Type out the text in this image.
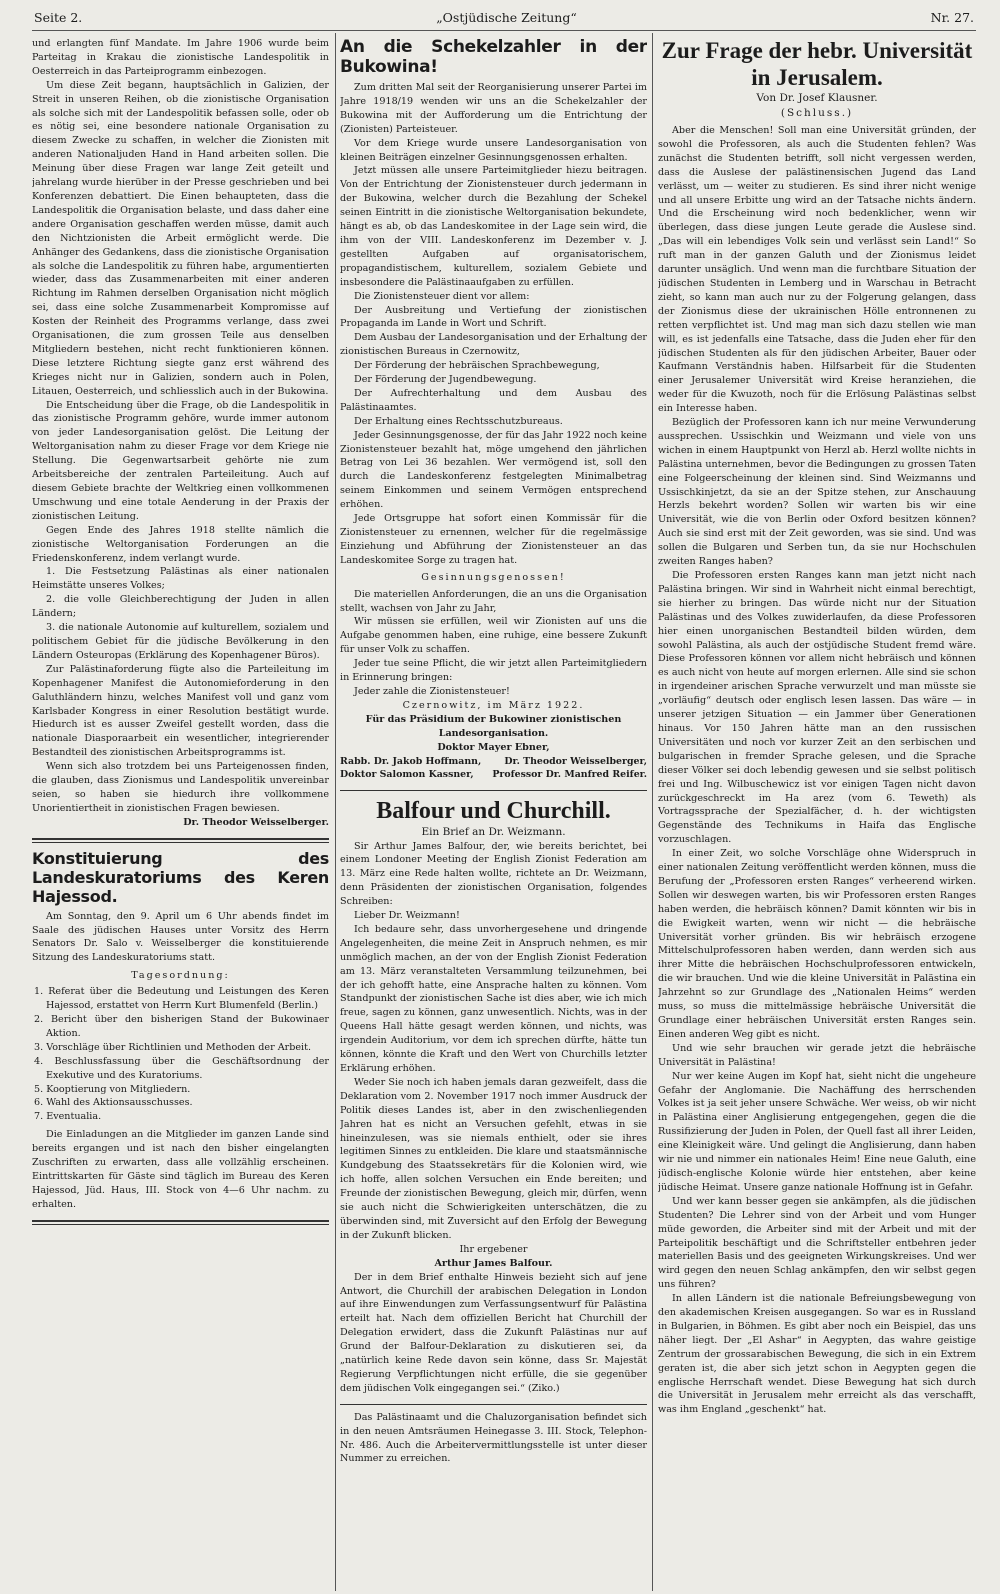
Seite 2.	„Ostjüdische Zeitung“	Nr. 27.

und erlangten fünf Mandate. Im Jahre 1906 wurde beim Parteitag in Krakau die zionistische Landespolitik in Oesterreich in das Parteiprogramm einbezogen.

Um diese Zeit begann, hauptsächlich in Galizien, der Streit in unseren Reihen, ob die zionistische Organisation als solche sich mit der Landespolitik befassen solle, oder ob es nötig sei, eine besondere nationale Organisation zu diesem Zwecke zu schaffen, in welcher die Zionisten mit anderen Nationaljuden Hand in Hand arbeiten sollen. Die Meinung über diese Fragen war lange Zeit geteilt und jahrelang wurde hierüber in der Presse geschrieben und bei Konferenzen debattiert. Die Einen behaupteten, dass die Landespolitik die Organisation belaste, und dass daher eine andere Organisation geschaffen werden müsse, damit auch den Nichtzionisten die Arbeit ermöglicht werde. Die Anhänger des Gedankens, dass die zionistische Organisation als solche die Landespolitik zu führen habe, argumentierten wieder, dass das Zusammenarbeiten mit einer anderen Richtung im Rahmen derselben Organisation nicht möglich sei, dass eine solche Zusammenarbeit Kompromisse auf Kosten der Reinheit des Programms verlange, dass zwei Organisationen, die zum grossen Teile aus denselben Mitgliedern bestehen, nicht recht funktionieren können. Diese letztere Richtung siegte ganz erst während des Krieges nicht nur in Galizien, sondern auch in Polen, Litauen, Oesterreich, und schliesslich auch in der Bukowina.

Die Entscheidung über die Frage, ob die Landespolitik in das zionistische Programm gehöre, wurde immer autonom von jeder Landesorganisation gelöst. Die Leitung der Weltorganisation nahm zu dieser Frage vor dem Kriege nie Stellung. Die Gegenwartsarbeit gehörte nie zum Arbeitsbereiche der zentralen Parteileitung. Auch auf diesem Gebiete brachte der Weltkrieg einen vollkommenen Umschwung und eine totale Aenderung in der Praxis der zionistischen Leitung.

Gegen Ende des Jahres 1918 stellte nämlich die zionistische Weltorganisation Forderungen an die Friedenskonferenz, indem verlangt wurde.

1. Die Festsetzung Palästinas als einer nationalen Heimstätte unseres Volkes;

2. die volle Gleichberechtigung der Juden in allen Ländern;

3. die nationale Autonomie auf kulturellem, sozialem und politischem Gebiet für die jüdische Bevölkerung in den Ländern Osteuropas (Erklärung des Kopenhagener Büros).

Zur Palästinaforderung fügte also die Parteileitung im Kopenhagener Manifest die Autonomieforderung in den Galuthländern hinzu, welches Manifest voll und ganz vom Karlsbader Kongress in einer Resolution bestätigt wurde. Hiedurch ist es ausser Zweifel gestellt worden, dass die nationale Diasporaarbeit ein wesentlicher, integrierender Bestandteil des zionistischen Arbeitsprogramms ist.

Wenn sich also trotzdem bei uns Parteigenossen finden, die glauben, dass Zionismus und Landespolitik unvereinbar seien, so haben sie hiedurch ihre vollkommene Unorientiertheit in zionistischen Fragen bewiesen.

Dr. Theodor Weisselberger.

Konstituierung des Landeskuratoriums des Keren Hajessod.

Am Sonntag, den 9. April um 6 Uhr abends findet im Saale des jüdischen Hauses unter Vorsitz des Herrn Senators Dr. Salo v. Weisselberger die konstituierende Sitzung des Landeskuratoriums statt.

Tagesordnung:

1. Referat über die Bedeutung und Leistungen des Keren Hajessod, erstattet von Herrn Kurt Blumenfeld (Berlin.)
2. Bericht über den bisherigen Stand der Bukowinaer Aktion.
3. Vorschläge über Richtlinien und Methoden der Arbeit.
4. Beschlussfassung über die Geschäftsordnung der Exekutive und des Kuratoriums.
5. Kooptierung von Mitgliedern.
6. Wahl des Aktionsausschusses.
7. Eventualia.

Die Einladungen an die Mitglieder im ganzen Lande sind bereits ergangen und ist nach den bisher eingelangten Zuschriften zu erwarten, dass alle vollzählig erscheinen. Eintrittskarten für Gäste sind täglich im Bureau des Keren Hajessod, Jüd. Haus, III. Stock von 4—6 Uhr nachm. zu erhalten.

An die Schekelzahler in der Bukowina!

Zum dritten Mal seit der Reorganisierung unserer Partei im Jahre 1918/19 wenden wir uns an die Schekelzahler der Bukowina mit der Aufforderung um die Entrichtung der (Zionisten) Parteisteuer.

Vor dem Kriege wurde unsere Landesorganisation von kleinen Beiträgen einzelner Gesinnungsgenossen erhalten.

Jetzt müssen alle unsere Parteimitglieder hiezu beitragen. Von der Entrichtung der Zionistensteuer durch jedermann in der Bukowina, welcher durch die Bezahlung der Schekel seinen Eintritt in die zionistische Weltorganisation bekundete, hängt es ab, ob das Landeskomitee in der Lage sein wird, die ihm von der VIII. Landeskonferenz im Dezember v. J. gestellten Aufgaben auf organisatorischem, propagandistischem, kulturellem, sozialem Gebiete und insbesondere die Palästinaaufgaben zu erfüllen.

Die Zionistensteuer dient vor allem:

Der Ausbreitung und Vertiefung der zionistischen Propaganda im Lande in Wort und Schrift.

Dem Ausbau der Landesorganisation und der Erhaltung der zionistischen Bureaus in Czernowitz,

Der Förderung der hebräischen Sprachbewegung,

Der Förderung der Jugendbewegung.

Der Aufrechterhaltung und dem Ausbau des Palästinaamtes.

Der Erhaltung eines Rechtsschutzbureaus.

Jeder Gesinnungsgenosse, der für das Jahr 1922 noch keine Zionistensteuer bezahlt hat, möge umgehend den jährlichen Betrag von Lei 36 bezahlen. Wer vermögend ist, soll den durch die Landeskonferenz festgelegten Minimalbetrag seinem Einkommen und seinem Vermögen entsprechend erhöhen.

Jede Ortsgruppe hat sofort einen Kommissär für die Zionistensteuer zu ernennen, welcher für die regelmässige Einziehung und Abführung der Zionistensteuer an das Landeskomitee Sorge zu tragen hat.

Gesinnungsgenossen!

Die materiellen Anforderungen, die an uns die Organisation stellt, wachsen von Jahr zu Jahr,

Wir müssen sie erfüllen, weil wir Zionisten auf uns die Aufgabe genommen haben, eine ruhige, eine bessere Zukunft für unser Volk zu schaffen.

Jeder tue seine Pflicht, die wir jetzt allen Parteimitgliedern in Erinnerung bringen:

Jeder zahle die Zionistensteuer!

Czernowitz, im März 1922.

Für das Präsidium der Bukowiner zionistischen Landesorganisation.

Doktor Mayer Ebner,

Rabb. Dr. Jakob Hoffmann, Dr. Theodor Weisselberger,
Doktor Salomon Kassner, Professor Dr. Manfred Reifer.

Balfour und Churchill.

Ein Brief an Dr. Weizmann.

Sir Arthur James Balfour, der, wie bereits berichtet, bei einem Londoner Meeting der English Zionist Federation am 13. März eine Rede halten wollte, richtete an Dr. Weizmann, denn Präsidenten der zionistischen Organisation, folgendes Schreiben:

Lieber Dr. Weizmann!

Ich bedaure sehr, dass unvorhergesehene und dringende Angelegenheiten, die meine Zeit in Anspruch nehmen, es mir unmöglich machen, an der von der English Zionist Federation am 13. März veranstalteten Versammlung teilzunehmen, bei der ich gehofft hatte, eine Ansprache halten zu können. Vom Standpunkt der zionistischen Sache ist dies aber, wie ich mich freue, sagen zu können, ganz unwesentlich. Nichts, was in der Queens Hall hätte gesagt werden können, und nichts, was irgendein Auditorium, vor dem ich sprechen dürfte, hätte tun können, könnte die Kraft und den Wert von Churchills letzter Erklärung erhöhen.

Weder Sie noch ich haben jemals daran gezweifelt, dass die Deklaration vom 2. November 1917 noch immer Ausdruck der Politik dieses Landes ist, aber in den zwischenliegenden Jahren hat es nicht an Versuchen gefehlt, etwas in sie hineinzulesen, was sie niemals enthielt, oder sie ihres legitimen Sinnes zu entkleiden. Die klare und staatsmännische Kundgebung des Staatssekretärs für die Kolonien wird, wie ich hoffe, allen solchen Versuchen ein Ende bereiten; und Freunde der zionistischen Bewegung, gleich mir, dürfen, wenn sie auch nicht die Schwierigkeiten unterschätzen, die zu überwinden sind, mit Zuversicht auf den Erfolg der Bewegung in der Zukunft blicken.

Ihr ergebener

Arthur James Balfour.

Der in dem Brief enthalte Hinweis bezieht sich auf jene Antwort, die Churchill der arabischen Delegation in London auf ihre Einwendungen zum Verfassungsentwurf für Palästina erteilt hat. Nach dem offiziellen Bericht hat Churchill der Delegation erwidert, dass die Zukunft Palästinas nur auf Grund der Balfour-Deklaration zu diskutieren sei, da „natürlich keine Rede davon sein könne, dass Sr. Majestät Regierung Verpflichtungen nicht erfülle, die sie gegenüber dem jüdischen Volk eingegangen sei.“ (Ziko.)

Das Palästinaamt und die Chaluzorganisation befindet sich in den neuen Amtsräumen Heinegasse 3. III. Stock, Telephon-Nr. 486. Auch die Arbeitervermittlungsstelle ist unter dieser Nummer zu erreichen.

Zur Frage der hebr. Universität in Jerusalem.

Von Dr. Josef Klausner.

(Schluss.)

Aber die Menschen! Soll man eine Universität gründen, der sowohl die Professoren, als auch die Studenten fehlen? Was zunächst die Studenten betrifft, soll nicht vergessen werden, dass die Auslese der palästinensischen Jugend das Land verlässt, um — weiter zu studieren. Es sind ihrer nicht wenige und all unsere Erbitte ung wird an der Tatsache nichts ändern. Und die Erscheinung wird noch bedenklicher, wenn wir überlegen, dass diese jungen Leute gerade die Auslese sind. „Das will ein lebendiges Volk sein und verlässt sein Land!“ So ruft man in der ganzen Galuth und der Zionismus leidet darunter unsäglich. Und wenn man die furchtbare Situation der jüdischen Studenten in Lemberg und in Warschau in Betracht zieht, so kann man auch nur zu der Folgerung gelangen, dass der Zionismus diese der ukrainischen Hölle entronnenen zu retten verpflichtet ist. Und mag man sich dazu stellen wie man will, es ist jedenfalls eine Tatsache, dass die Juden eher für den jüdischen Studenten als für den jüdischen Arbeiter, Bauer oder Kaufmann Verständnis haben. Hilfsarbeit für die Studenten einer Jerusalemer Universität wird Kreise heranziehen, die weder für die Kwuzoth, noch für die Erlösung Palästinas selbst ein Interesse haben.

Bezüglich der Professoren kann ich nur meine Verwunderung aussprechen. Ussischkin und Weizmann und viele von uns wichen in einem Hauptpunkt von Herzl ab. Herzl wollte nichts in Palästina unternehmen, bevor die Bedingungen zu grossen Taten eine Folgeerscheinung der kleinen sind. Sind Weizmanns und Ussischkinjetzt, da sie an der Spitze stehen, zur Anschauung Herzls bekehrt worden? Sollen wir warten bis wir eine Universität, wie die von Berlin oder Oxford besitzen können? Auch sie sind erst mit der Zeit geworden, was sie sind. Und was sollen die Bulgaren und Serben tun, da sie nur Hochschulen zweiten Ranges haben?

Die Professoren ersten Ranges kann man jetzt nicht nach Palästina bringen. Wir sind in Wahrheit nicht einmal berechtigt, sie hierher zu bringen. Das würde nicht nur der Situation Palästinas und des Volkes zuwiderlaufen, da diese Professoren hier einen unorganischen Bestandteil bilden würden, dem sowohl Palästina, als auch der ostjüdische Student fremd wäre. Diese Professoren können vor allem nicht hebräisch und können es auch nicht von heute auf morgen erlernen. Alle sind sie schon in irgendeiner arischen Sprache verwurzelt und man müsste sie „vorläufig“ deutsch oder englisch lesen lassen. Das wäre — in unserer jetzigen Situation — ein Jammer über Generationen hinaus. Vor 150 Jahren hätte man an den russischen Universitäten und noch vor kurzer Zeit an den serbischen und bulgarischen in fremder Sprache gelesen, und die Sprache dieser Völker sei doch lebendig gewesen und sie selbst politisch frei und Ing. Wilbuschewicz ist vor einigen Tagen nicht davon zurückgeschreckt im Ha arez (vom 6. Teweth) als Vortragssprache der Spezialfächer, d. h. der wichtigsten Gegenstände des Technikums in Haifa das Englische vorzuschlagen.

In einer Zeit, wo solche Vorschläge ohne Widerspruch in einer nationalen Zeitung veröffentlicht werden können, muss die Berufung der „Professoren ersten Ranges“ verheerend wirken. Sollen wir deswegen warten, bis wir Professoren ersten Ranges haben werden, die hebräisch können? Damit könnten wir bis in die Ewigkeit warten, wenn wir nicht — die hebräische Universität vorher gründen. Bis wir hebräisch erzogene Mittelschulprofessoren haben werden, dann werden sich aus ihrer Mitte die hebräischen Hochschulprofessoren entwickeln, die wir brauchen. Und wie die kleine Universität in Palästina ein Jahrzehnt so zur Grundlage des „Nationalen Heims“ werden muss, so muss die mittelmässige hebräische Universität die Grundlage einer hebräischen Universität ersten Ranges sein. Einen anderen Weg gibt es nicht.

Und wie sehr brauchen wir gerade jetzt die hebräische Universität in Palästina!

Nur wer keine Augen im Kopf hat, sieht nicht die ungeheure Gefahr der Anglomanie. Die Nachäffung des herrschenden Volkes ist ja seit jeher unsere Schwäche. Wer weiss, ob wir nicht in Palästina einer Anglisierung entgegengehen, gegen die die Russifizierung der Juden in Polen, der Quell fast all ihrer Leiden, eine Kleinigkeit wäre. Und gelingt die Anglisierung, dann haben wir nie und nimmer ein nationales Heim! Eine neue Galuth, eine jüdisch-englische Kolonie würde hier entstehen, aber keine jüdische Heimat. Unsere ganze nationale Hoffnung ist in Gefahr.

Und wer kann besser gegen sie ankämpfen, als die jüdischen Studenten? Die Lehrer sind von der Arbeit und vom Hunger müde geworden, die Arbeiter sind mit der Arbeit und mit der Parteipolitik beschäftigt und die Schriftsteller entbehren jeder materiellen Basis und des geeigneten Wirkungskreises. Und wer wird gegen den neuen Schlag ankämpfen, den wir selbst gegen uns führen?

In allen Ländern ist die nationale Befreiungsbewegung von den akademischen Kreisen ausgegangen. So war es in Russland in Bulgarien, in Böhmen. Es gibt aber noch ein Beispiel, das uns näher liegt. Der „El Ashar“ in Aegypten, das wahre geistige Zentrum der grossarabischen Bewegung, die sich in ein Extrem geraten ist, die aber sich jetzt schon in Aegypten gegen die englische Herrschaft wendet. Diese Bewegung hat sich durch die Universität in Jerusalem mehr erreicht als das verschafft, was ihm England „geschenkt“ hat.
